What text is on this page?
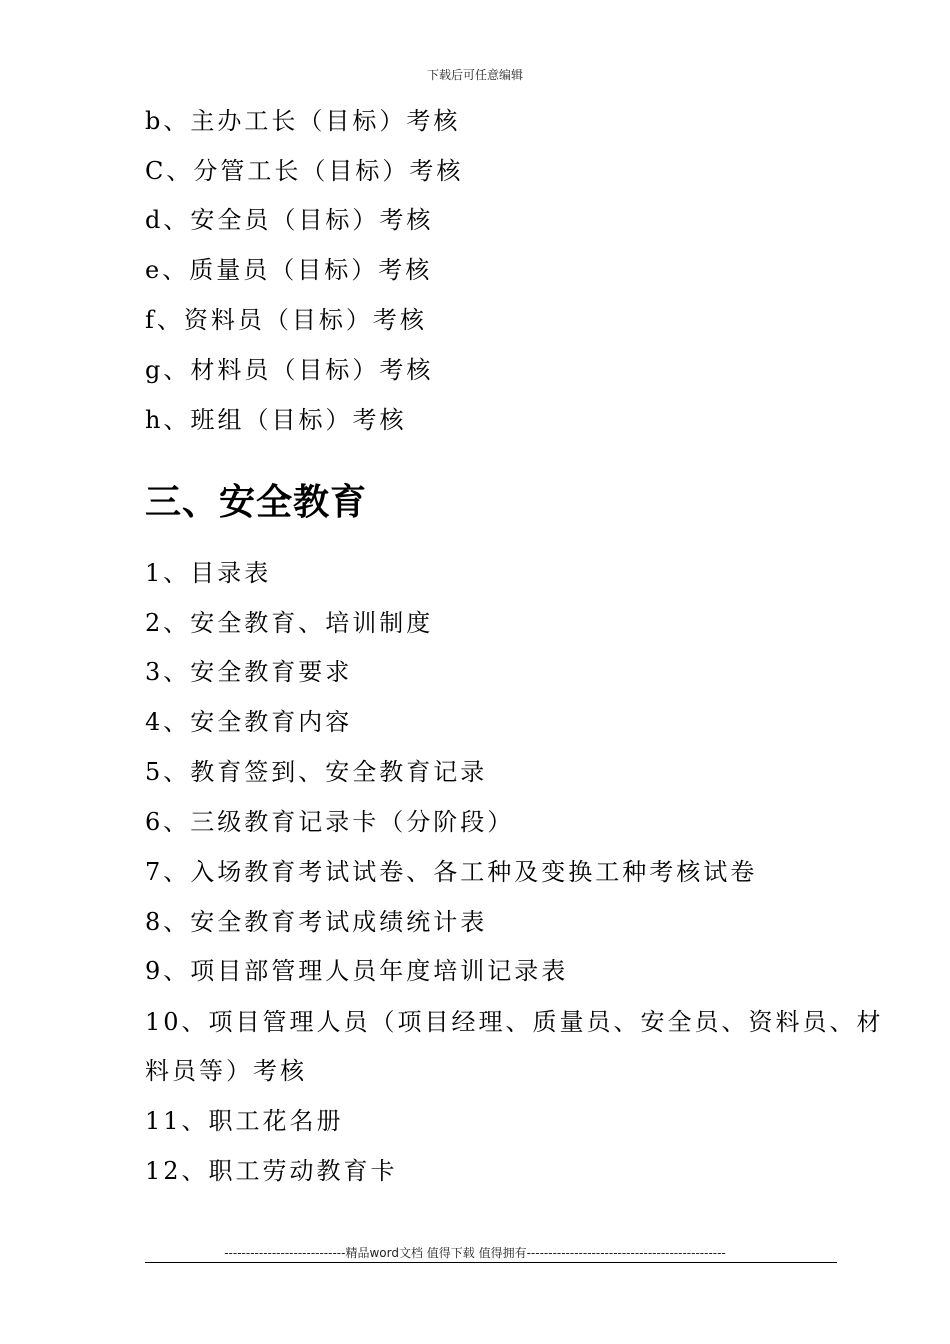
下载后可任意编辑
b、主办工长（目标）考核
C、分管工长（目标）考核
d、安全员（目标）考核
e、质量员（目标）考核
f、资料员（目标）考核
g、材料员（目标）考核
h、班组（目标）考核
三、安全教育
1、目录表
2、安全教育、培训制度
3、安全教育要求
4、安全教育内容
5、教育签到、安全教育记录
6、三级教育记录卡（分阶段）
7、入场教育考试试卷、各工种及变换工种考核试卷
8、安全教育考试成绩统计表
9、项目部管理人员年度培训记录表
10、项目管理人员（项目经理、质量员、安全员、资料员、材
料员等）考核
11、职工花名册
12、职工劳动教育卡
----------------------------精品word文档 值得下载 值得拥有----------------------------------------------
